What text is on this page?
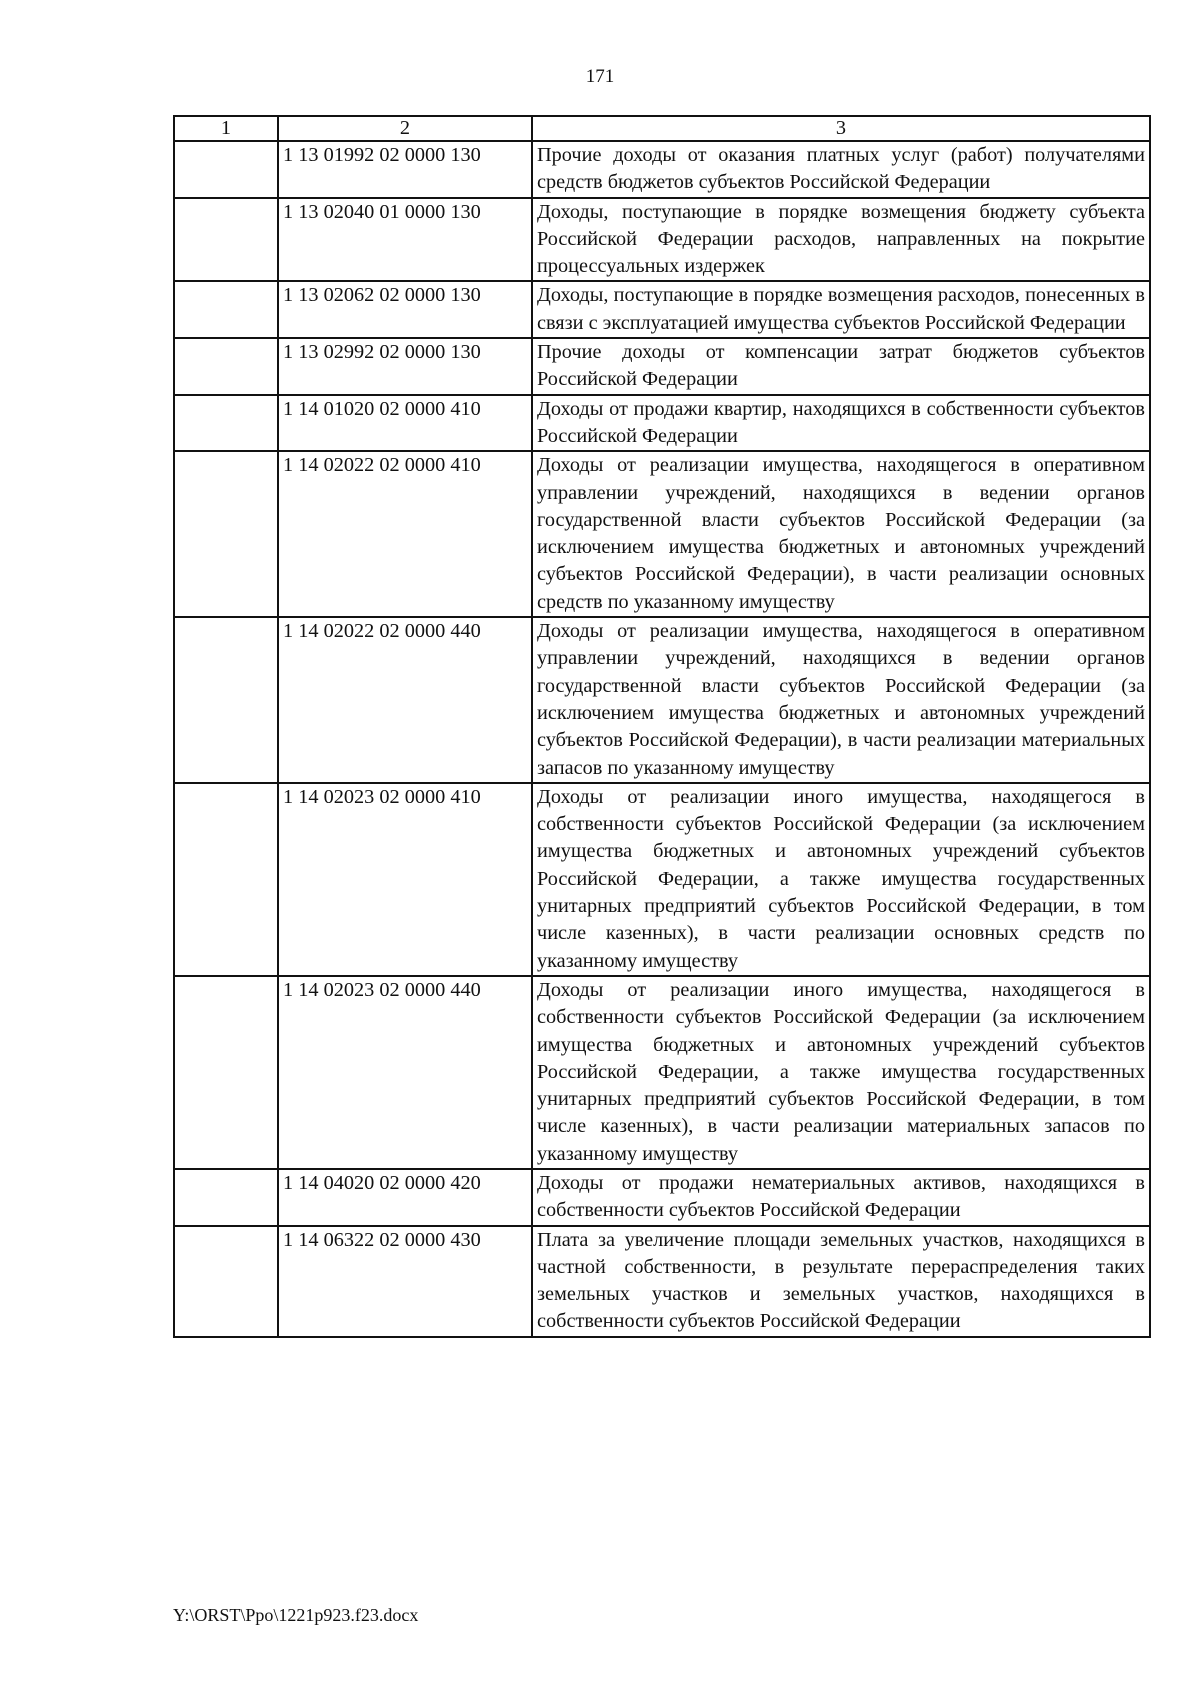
171
1	2	3
	1 13 01992 02 0000 130	Прочие доходы от оказания платных услуг (работ) получателями средств бюджетов субъектов Российской Федерации
	1 13 02040 01 0000 130	Доходы, поступающие в порядке возмещения бюджету субъекта Российской Федерации расходов, направленных на покрытие процессуальных издержек
	1 13 02062 02 0000 130	Доходы, поступающие в порядке возмещения расходов, понесенных в связи с эксплуатацией имущества субъектов Российской Федерации
	1 13 02992 02 0000 130	Прочие доходы от компенсации затрат бюджетов субъектов Российской Федерации
	1 14 01020 02 0000 410	Доходы от продажи квартир, находящихся в собственности субъектов Российской Федерации
	1 14 02022 02 0000 410	Доходы от реализации имущества, находящегося в оперативном управлении учреждений, находящихся в ведении органов государственной власти субъектов Российской Федерации (за исключением имущества бюджетных и автономных учреждений субъектов Российской Федерации), в части реализации основных средств по указанному имуществу
	1 14 02022 02 0000 440	Доходы от реализации имущества, находящегося в оперативном управлении учреждений, находящихся в ведении органов государственной власти субъектов Российской Федерации (за исключением имущества бюджетных и автономных учреждений субъектов Российской Федерации), в части реализации материальных запасов по указанному имуществу
	1 14 02023 02 0000 410	Доходы от реализации иного имущества, находящегося в собственности субъектов Российской Федерации (за исключением имущества бюджетных и автономных учреждений субъектов Российской Федерации, а также имущества государственных унитарных предприятий субъектов Российской Федерации, в том числе казенных), в части реализации основных средств по указанному имуществу
	1 14 02023 02 0000 440	Доходы от реализации иного имущества, находящегося в собственности субъектов Российской Федерации (за исключением имущества бюджетных и автономных учреждений субъектов Российской Федерации, а также имущества государственных унитарных предприятий субъектов Российской Федерации, в том числе казенных), в части реализации материальных запасов по указанному имуществу
	1 14 04020 02 0000 420	Доходы от продажи нематериальных активов, находящихся в собственности субъектов Российской Федерации
	1 14 06322 02 0000 430	Плата за увеличение площади земельных участков, находящихся в частной собственности, в результате перераспределения таких земельных участков и земельных участков, находящихся в собственности субъектов Российской Федерации
Y:\ORST\Ppo\1221p923.f23.docx
